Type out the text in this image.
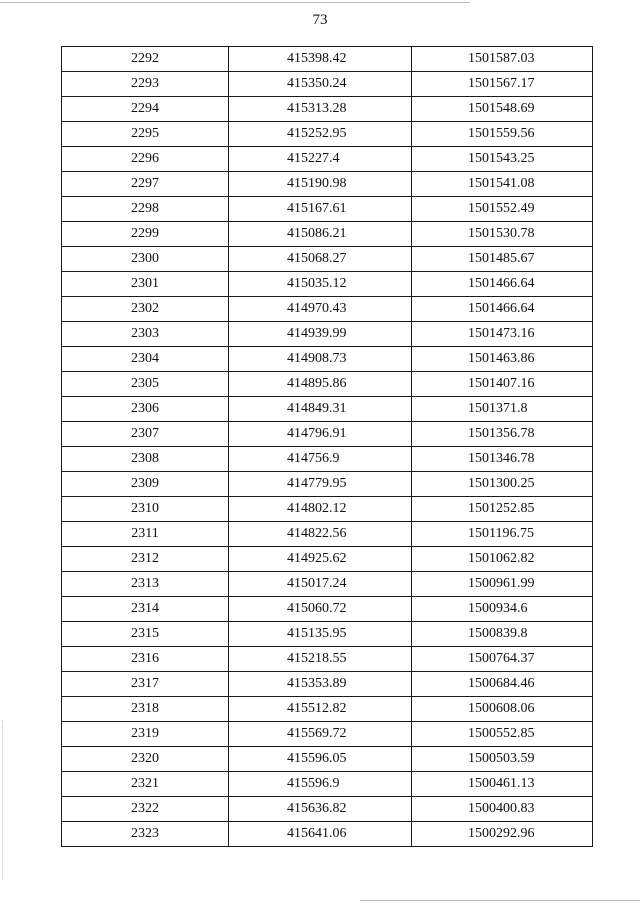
73
2292	415398.42	1501587.03
2293	415350.24	1501567.17
2294	415313.28	1501548.69
2295	415252.95	1501559.56
2296	415227.4	1501543.25
2297	415190.98	1501541.08
2298	415167.61	1501552.49
2299	415086.21	1501530.78
2300	415068.27	1501485.67
2301	415035.12	1501466.64
2302	414970.43	1501466.64
2303	414939.99	1501473.16
2304	414908.73	1501463.86
2305	414895.86	1501407.16
2306	414849.31	1501371.8
2307	414796.91	1501356.78
2308	414756.9	1501346.78
2309	414779.95	1501300.25
2310	414802.12	1501252.85
2311	414822.56	1501196.75
2312	414925.62	1501062.82
2313	415017.24	1500961.99
2314	415060.72	1500934.6
2315	415135.95	1500839.8
2316	415218.55	1500764.37
2317	415353.89	1500684.46
2318	415512.82	1500608.06
2319	415569.72	1500552.85
2320	415596.05	1500503.59
2321	415596.9	1500461.13
2322	415636.82	1500400.83
2323	415641.06	1500292.96
